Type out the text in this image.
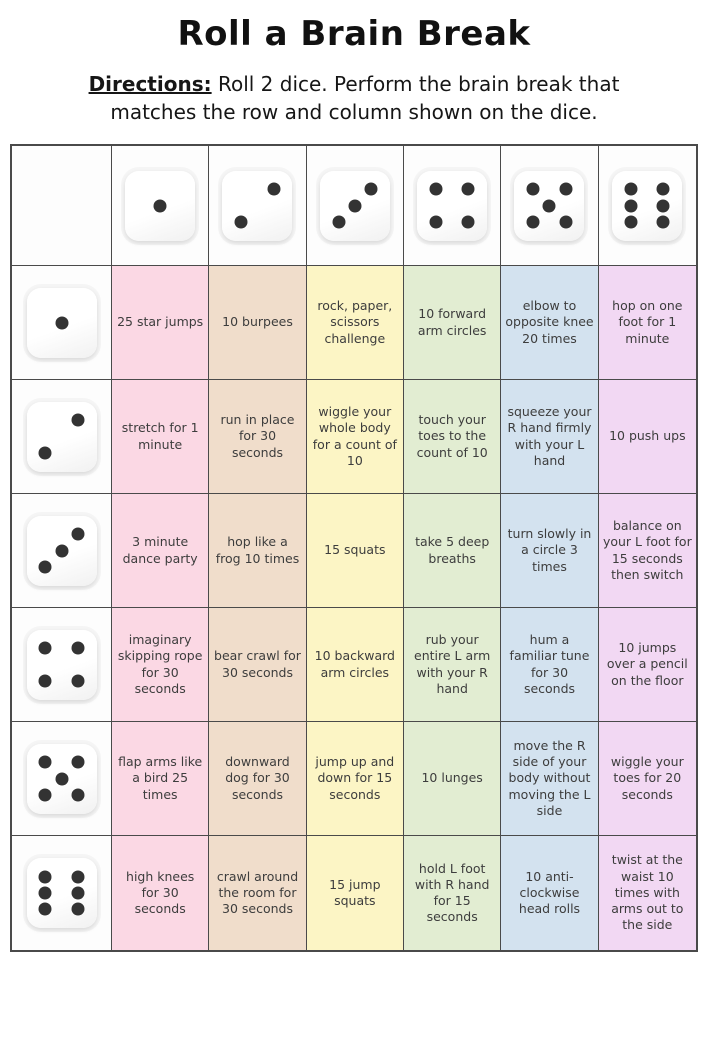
Roll a Brain Break

Directions: Roll 2 dice. Perform the brain break that matches the row and column shown on the dice.

25 star jumps 10 burpees
rock, paper, scissors challenge
10 forward arm circles
elbow to opposite knee 20 times
hop on one foot for 1 minute
stretch for 1 minute
run in place for 30 seconds
wiggle your whole body for a count of 10
touch your toes to the count of 10
squeeze your R hand firmly with your L hand
10 push ups
3 minute dance party
hop like a frog 10 times
15 squats
take 5 deep breaths
turn slowly in a circle 3 times
balance on your L foot for 15 seconds then switch
imaginary skipping rope for 30 seconds
bear crawl for 30 seconds
10 backward arm circles
rub your entire L arm with your R hand
hum a familiar tune for 30 seconds
10 jumps over a pencil on the floor
flap arms like a bird 25 times
downward dog for 30 seconds
jump up and down for 15 seconds
10 lunges
move the R side of your body without moving the L side
wiggle your toes for 20 seconds
high knees for 30 seconds
crawl around the room for 30 seconds
15 jump squats
hold L foot with R hand for 15 seconds
10 anti-clockwise head rolls
twist at the waist 10 times with arms out to the side
